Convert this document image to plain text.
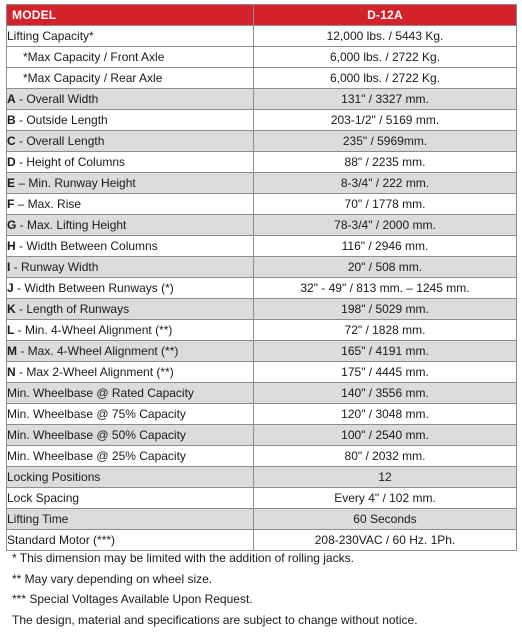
MODEL	D-12A
Lifting Capacity*	12,000 lbs. / 5443 Kg.
*Max Capacity / Front Axle	6,000 lbs. / 2722 Kg.
*Max Capacity / Rear Axle	6,000 lbs. / 2722 Kg.
A - Overall Width	131" / 3327 mm.
B - Outside Length	203-1/2" / 5169 mm.
C - Overall Length	235" / 5969mm.
D - Height of Columns	88" / 2235 mm.
E – Min. Runway Height	8-3/4" / 222 mm.
F – Max. Rise	70" / 1778 mm.
G - Max. Lifting Height	78-3/4" / 2000 mm.
H - Width Between Columns	116" / 2946 mm.
I - Runway Width	20" / 508 mm.
J - Width Between Runways (*)	32" - 49" / 813 mm. – 1245 mm.
K - Length of Runways	198" / 5029 mm.
L - Min. 4-Wheel Alignment (**)	72" / 1828 mm.
M - Max. 4-Wheel Alignment (**)	165" / 4191 mm.
N - Max 2-Wheel Alignment (**)	175" / 4445 mm.
Min. Wheelbase @ Rated Capacity	140" / 3556 mm.
Min. Wheelbase @ 75% Capacity	120" / 3048 mm.
Min. Wheelbase @ 50% Capacity	100" / 2540 mm.
Min. Wheelbase @ 25% Capacity	80" / 2032 mm.
Locking Positions	12
Lock Spacing	Every 4" / 102 mm.
Lifting Time	60 Seconds
Standard Motor (***)	208-230VAC / 60 Hz. 1Ph.
* This dimension may be limited with the addition of rolling jacks.
** May vary depending on wheel size.
*** Special Voltages Available Upon Request.
The design, material and specifications are subject to change without notice.
